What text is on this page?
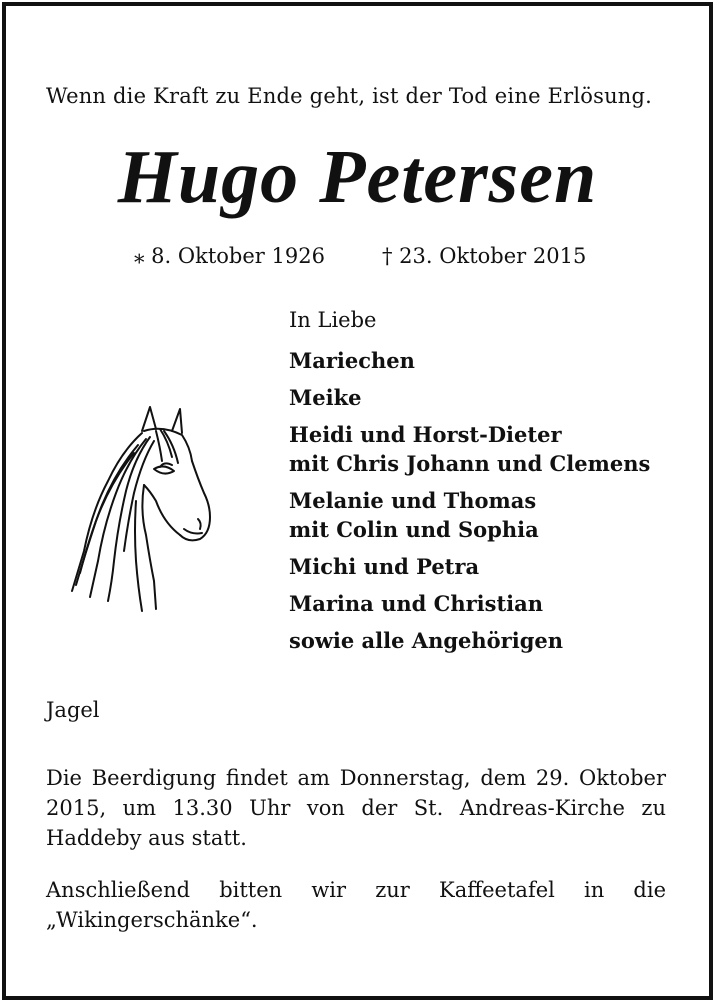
Wenn die Kraft zu Ende geht, ist der Tod eine Erlösung.
Hugo Petersen
⁎ 8. Oktober 1926	† 23. Oktober 2015
In Liebe
Mariechen
Meike
Heidi und Horst-Dieter
mit Chris Johann und Clemens
Melanie und Thomas
mit Colin und Sophia
Michi und Petra
Marina und Christian
sowie alle Angehörigen
Jagel
Die Beerdigung findet am Donnerstag, dem 29. Oktober 2015, um 13.30 Uhr von der St. Andreas-Kirche zu Haddeby aus statt.
Anschließend bitten wir zur Kaffeetafel in die „Wikingerschänke“.
